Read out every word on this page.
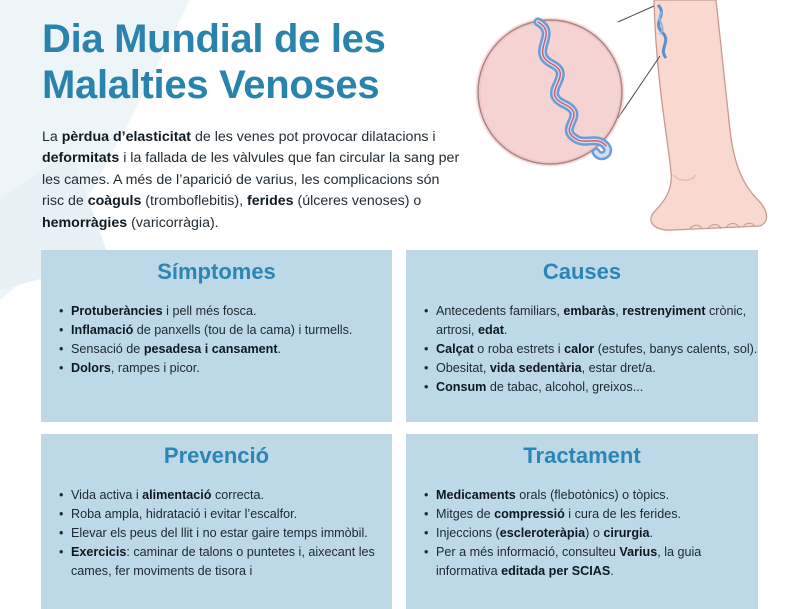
Dia Mundial de les
Malalties Venoses

La pèrdua d’elasticitat de les venes pot provocar dilatacions i deformitats i la fallada de les vàlvules que fan circular la sang per les cames. A més de l’aparició de varius, les complicacions són risc de coàguls (tromboflebitis), ferides (úlceres venoses) o hemorràgies (varicorràgia).

Símptomes
• Protuberàncies i pell més fosca.
• Inflamació de panxells (tou de la cama) i turmells.
• Sensació de pesadesa i cansament.
• Dolors, rampes i picor.
Causes
• Antecedents familiars, embaràs, restrenyiment crònic, artrosi, edat.
• Calçat o roba estrets i calor (estufes, banys calents, sol).
• Obesitat, vida sedentària, estar dret/a.
• Consum de tabac, alcohol, greixos...
Prevenció
• Vida activa i alimentació correcta.
• Roba ampla, hidratació i evitar l’escalfor.
• Elevar els peus del llit i no estar gaire temps immòbil.
• Exercicis: caminar de talons o puntetes i, aixecant les cames, fer moviments de tisora i
Tractament
• Medicaments orals (flebotònics) o tòpics.
• Mitges de compressió i cura de les ferides.
• Injeccions (escleroteràpia) o cirurgia.
• Per a més informació, consulteu Varius, la guia informativa editada per SCIAS.
